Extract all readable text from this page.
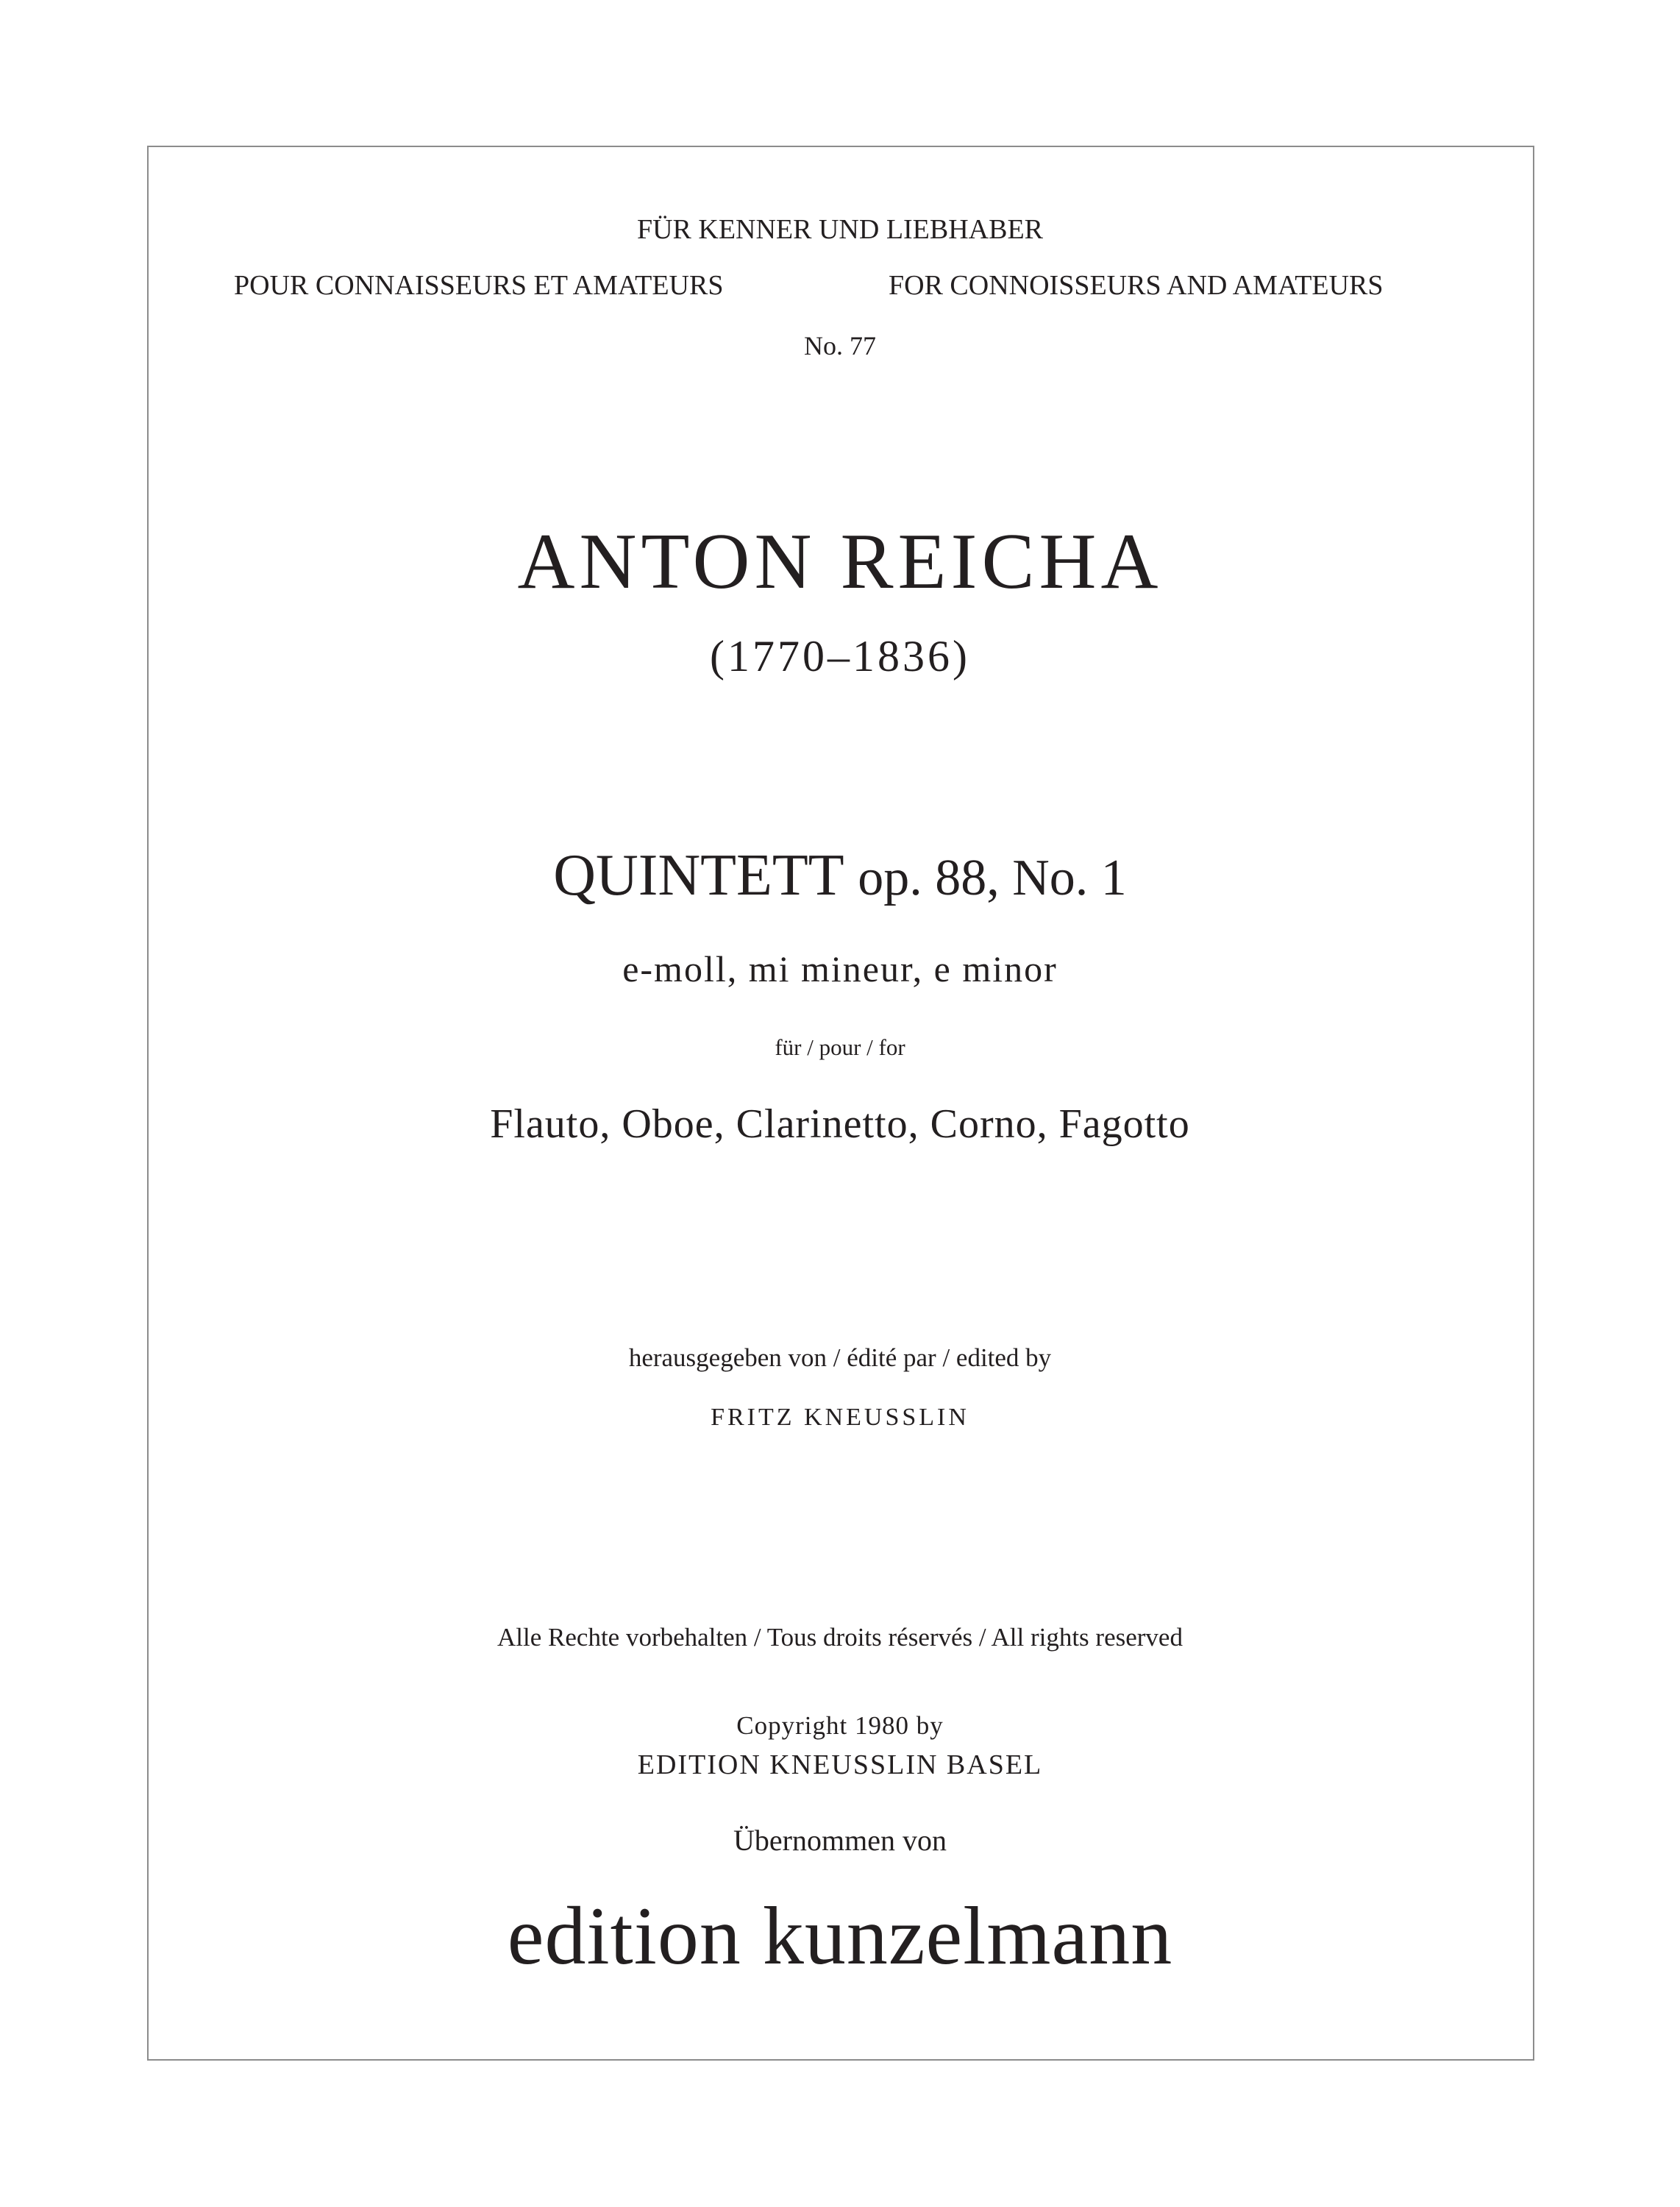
FÜR KENNER UND LIEBHABER
POUR CONNAISSEURS ET AMATEURS	FOR CONNOISSEURS AND AMATEURS
No. 77
ANTON REICHA
(1770–1836)
QUINTETT op. 88, No. 1
e-moll, mi mineur, e minor
für / pour / for
Flauto, Oboe, Clarinetto, Corno, Fagotto
herausgegeben von / édité par / edited by
FRITZ KNEUSSLIN
Alle Rechte vorbehalten / Tous droits réservés / All rights reserved
Copyright 1980 by
EDITION KNEUSSLIN BASEL
Übernommen von
edition kunzelmann
